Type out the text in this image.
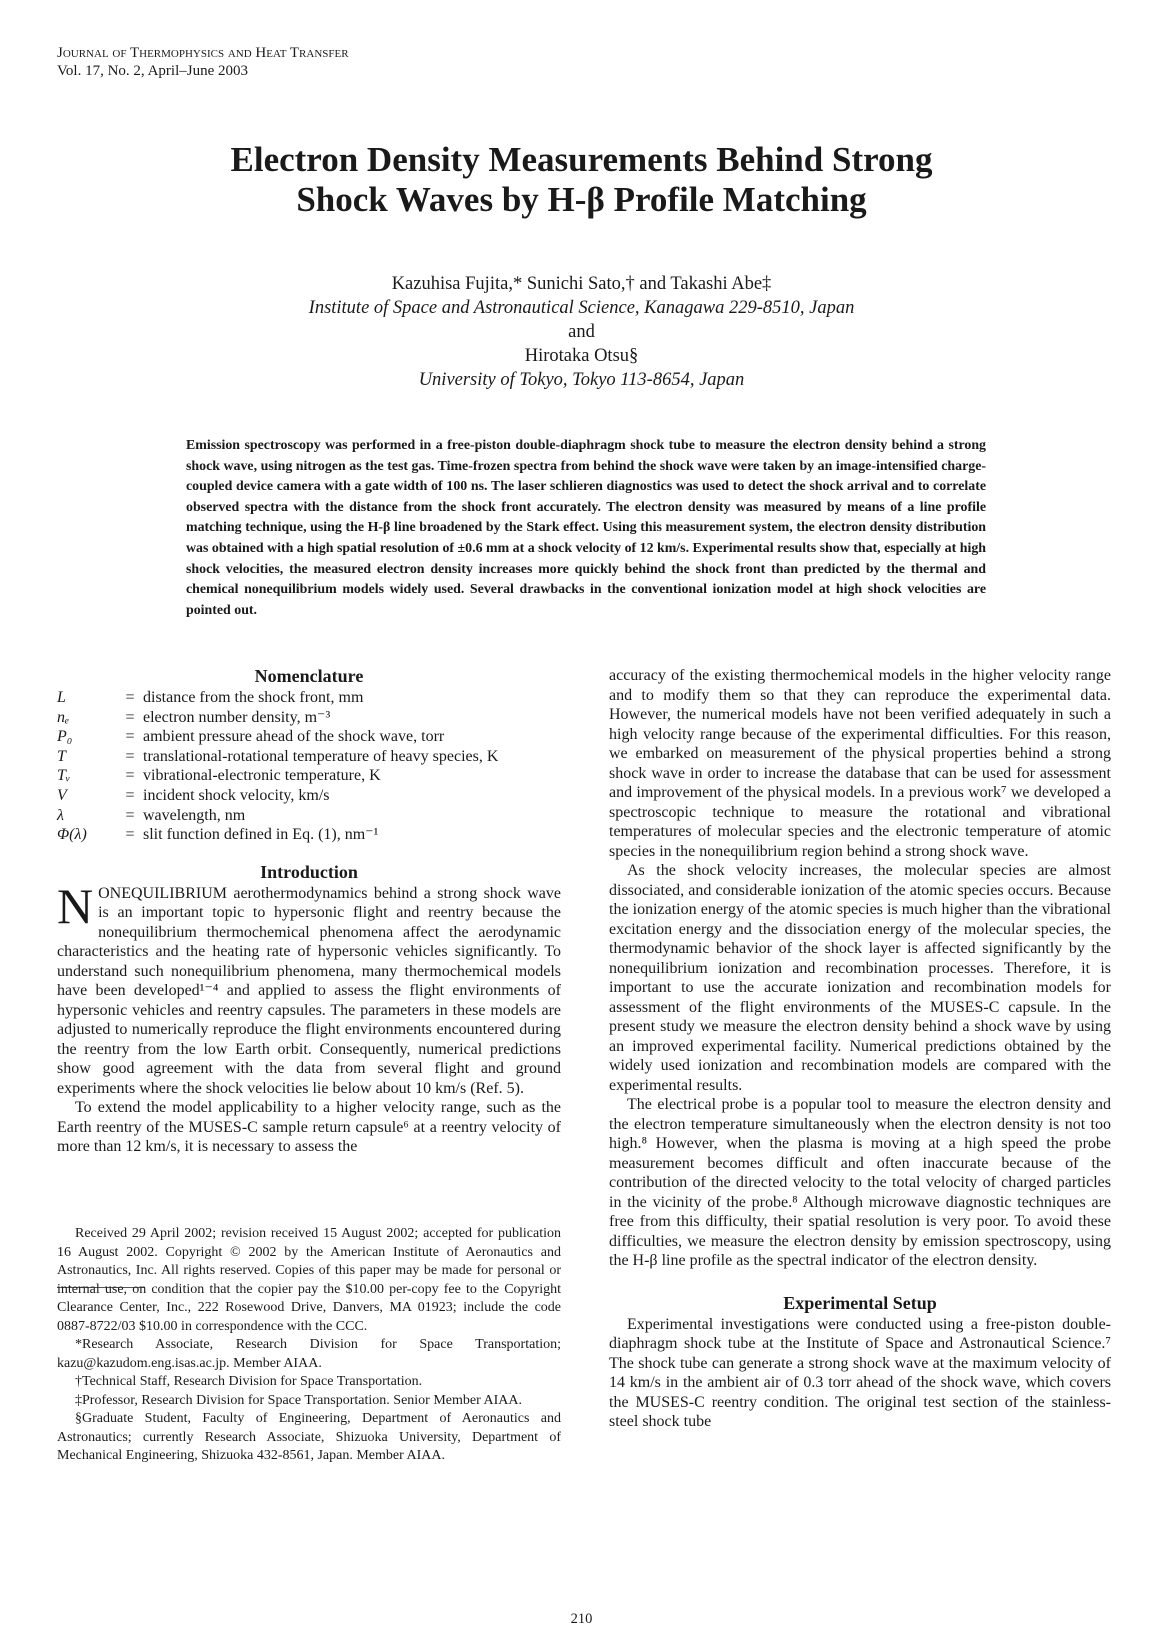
Journal of Thermophysics and Heat Transfer
Vol. 17, No. 2, April–June 2003
Electron Density Measurements Behind Strong
Shock Waves by H-β Profile Matching
Kazuhisa Fujita,* Sunichi Sato,† and Takashi Abe‡
Institute of Space and Astronautical Science, Kanagawa 229-8510, Japan
and
Hirotaka Otsu§
University of Tokyo, Tokyo 113-8654, Japan
Emission spectroscopy was performed in a free-piston double-diaphragm shock tube to measure the electron density behind a strong shock wave, using nitrogen as the test gas. Time-frozen spectra from behind the shock wave were taken by an image-intensified charge-coupled device camera with a gate width of 100 ns. The laser schlieren diagnostics was used to detect the shock arrival and to correlate observed spectra with the distance from the shock front accurately. The electron density was measured by means of a line profile matching technique, using the H-β line broadened by the Stark effect. Using this measurement system, the electron density distribution was obtained with a high spatial resolution of ±0.6 mm at a shock velocity of 12 km/s. Experimental results show that, especially at high shock velocities, the measured electron density increases more quickly behind the shock front than predicted by the thermal and chemical nonequilibrium models widely used. Several drawbacks in the conventional ionization model at high shock velocities are pointed out.
Nomenclature
L	=	distance from the shock front, mm
nₑ	=	electron number density, m⁻³
P₀	=	ambient pressure ahead of the shock wave, torr
T	=	translational-rotational temperature of heavy species, K
Tᵥ	=	vibrational-electronic temperature, K
V	=	incident shock velocity, km/s
λ	=	wavelength, nm
Φ(λ)	=	slit function defined in Eq. (1), nm⁻¹
Introduction

NONEQUILIBRIUM aerothermodynamics behind a strong shock wave is an important topic to hypersonic flight and reentry because the nonequilibrium thermochemical phenomena affect the aerodynamic characteristics and the heating rate of hypersonic vehicles significantly. To understand such nonequilibrium phenomena, many thermochemical models have been developed¹⁻⁴ and applied to assess the flight environments of hypersonic vehicles and reentry capsules. The parameters in these models are adjusted to numerically reproduce the flight environments encountered during the reentry from the low Earth orbit. Consequently, numerical predictions show good agreement with the data from several flight and ground experiments where the shock velocities lie below about 10 km/s (Ref. 5).

To extend the model applicability to a higher velocity range, such as the Earth reentry of the MUSES-C sample return capsule⁶ at a reentry velocity of more than 12 km/s, it is necessary to assess the

Received 29 April 2002; revision received 15 August 2002; accepted for publication 16 August 2002. Copyright © 2002 by the American Institute of Aeronautics and Astronautics, Inc. All rights reserved. Copies of this paper may be made for personal or internal use, on condition that the copier pay the $10.00 per-copy fee to the Copyright Clearance Center, Inc., 222 Rosewood Drive, Danvers, MA 01923; include the code 0887-8722/03 $10.00 in correspondence with the CCC.

*Research Associate, Research Division for Space Transportation; kazu@kazudom.eng.isas.ac.jp. Member AIAA.

†Technical Staff, Research Division for Space Transportation.

‡Professor, Research Division for Space Transportation. Senior Member AIAA.

§Graduate Student, Faculty of Engineering, Department of Aeronautics and Astronautics; currently Research Associate, Shizuoka University, Department of Mechanical Engineering, Shizuoka 432-8561, Japan. Member AIAA.

accuracy of the existing thermochemical models in the higher velocity range and to modify them so that they can reproduce the experimental data. However, the numerical models have not been verified adequately in such a high velocity range because of the experimental difficulties. For this reason, we embarked on measurement of the physical properties behind a strong shock wave in order to increase the database that can be used for assessment and improvement of the physical models. In a previous work⁷ we developed a spectroscopic technique to measure the rotational and vibrational temperatures of molecular species and the electronic temperature of atomic species in the nonequilibrium region behind a strong shock wave.

As the shock velocity increases, the molecular species are almost dissociated, and considerable ionization of the atomic species occurs. Because the ionization energy of the atomic species is much higher than the vibrational excitation energy and the dissociation energy of the molecular species, the thermodynamic behavior of the shock layer is affected significantly by the nonequilibrium ionization and recombination processes. Therefore, it is important to use the accurate ionization and recombination models for assessment of the flight environments of the MUSES-C capsule. In the present study we measure the electron density behind a shock wave by using an improved experimental facility. Numerical predictions obtained by the widely used ionization and recombination models are compared with the experimental results.

The electrical probe is a popular tool to measure the electron density and the electron temperature simultaneously when the electron density is not too high.⁸ However, when the plasma is moving at a high speed the probe measurement becomes difficult and often inaccurate because of the contribution of the directed velocity to the total velocity of charged particles in the vicinity of the probe.⁸ Although microwave diagnostic techniques are free from this difficulty, their spatial resolution is very poor. To avoid these difficulties, we measure the electron density by emission spectroscopy, using the H-β line profile as the spectral indicator of the electron density.

Experimental Setup

Experimental investigations were conducted using a free-piston double-diaphragm shock tube at the Institute of Space and Astronautical Science.⁷ The shock tube can generate a strong shock wave at the maximum velocity of 14 km/s in the ambient air of 0.3 torr ahead of the shock wave, which covers the MUSES-C reentry condition. The original test section of the stainless-steel shock tube

210
